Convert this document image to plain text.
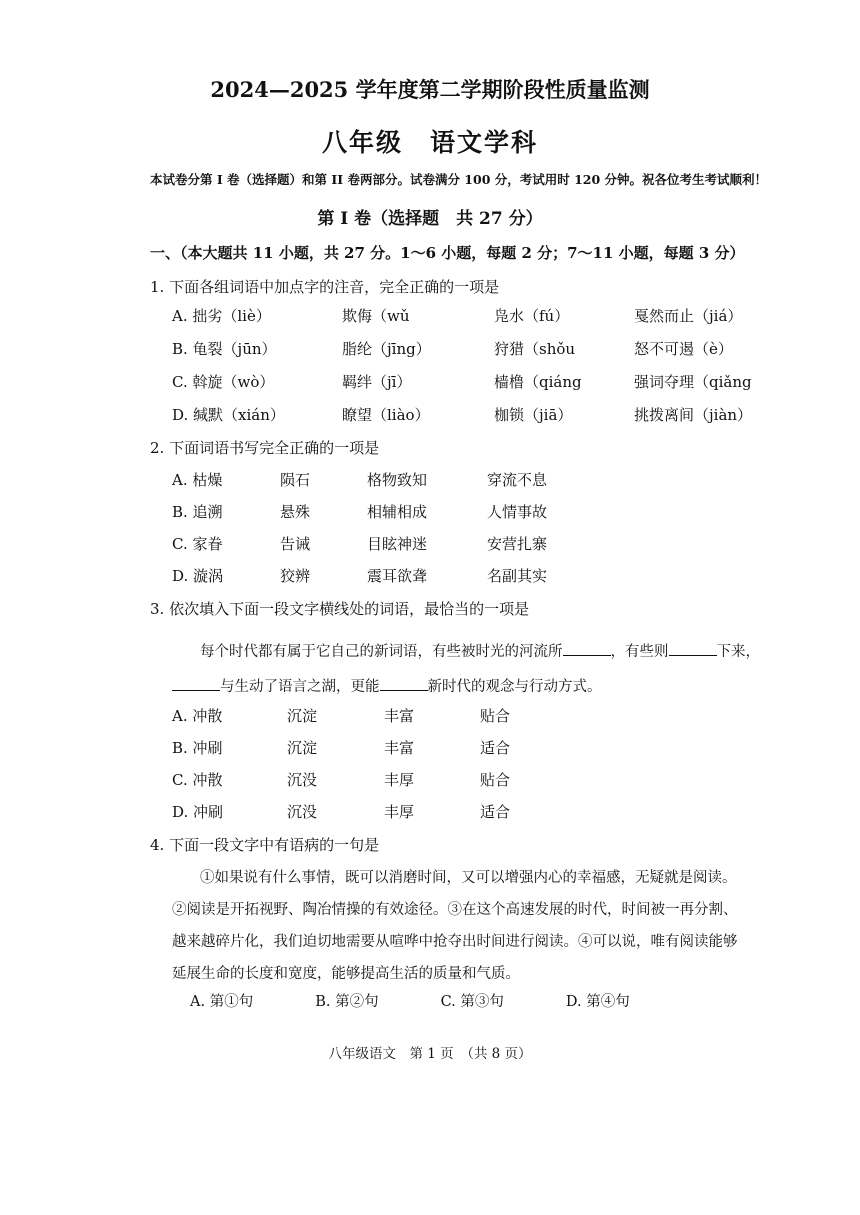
2024—2025 学年度第二学期阶段性质量监测
八年级　语文学科
本试卷分第 I 卷（选择题）和第 II 卷两部分。试卷满分 100 分，考试用时 120 分钟。祝各位考生考试顺利！
第 I 卷（选择题　共 27 分）
一、（本大题共 11 小题，共 27 分。1～6 小题，每题 2 分；7～11 小题，每题 3 分）
1. 下面各组词语中加点字的注音，完全正确的一项是
A. 拙劣（liè）	欺侮（wǔ	凫水（fú）	戛然而止（jiá）
B. 龟裂（jūn）	脂纶（jīng）	狩猎（shǒu	怒不可遏（è）
C. 斡旋（wò）	羁绊（jī）	樯橹（qiáng	强词夺理（qiǎng
D. 缄默（xián）	瞭望（liào）	枷锁（jiā）	挑拨离间（jiàn）
2. 下面词语书写完全正确的一项是
A. 枯燥	陨石	格物致知	穿流不息
B. 追溯	悬殊	相辅相成	人情事故
C. 家眷	告诫	目眩神迷	安营扎寨
D. 漩涡	狡辨	震耳欲聋	名副其实
3. 依次填入下面一段文字横线处的词语，最恰当的一项是
每个时代都有属于它自己的新词语，有些被时光的河流所	，有些则	下来，
与生动了语言之湖，更能	新时代的观念与行动方式。
A. 冲散	沉淀	丰富	贴合
B. 冲刷	沉淀	丰富	适合
C. 冲散	沉没	丰厚	贴合
D. 冲刷	沉没	丰厚	适合
4. 下面一段文字中有语病的一句是
①如果说有什么事情，既可以消磨时间，又可以增强内心的幸福感，无疑就是阅读。
②阅读是开拓视野、陶冶情操的有效途径。③在这个高速发展的时代，时间被一再分割、
越来越碎片化，我们迫切地需要从喧哗中抢夺出时间进行阅读。④可以说，唯有阅读能够
延展生命的长度和宽度，能够提高生活的质量和气质。
A. 第①句	B. 第②句	C. 第③句	D. 第④句
八年级语文　第 1 页　（共 8 页）
